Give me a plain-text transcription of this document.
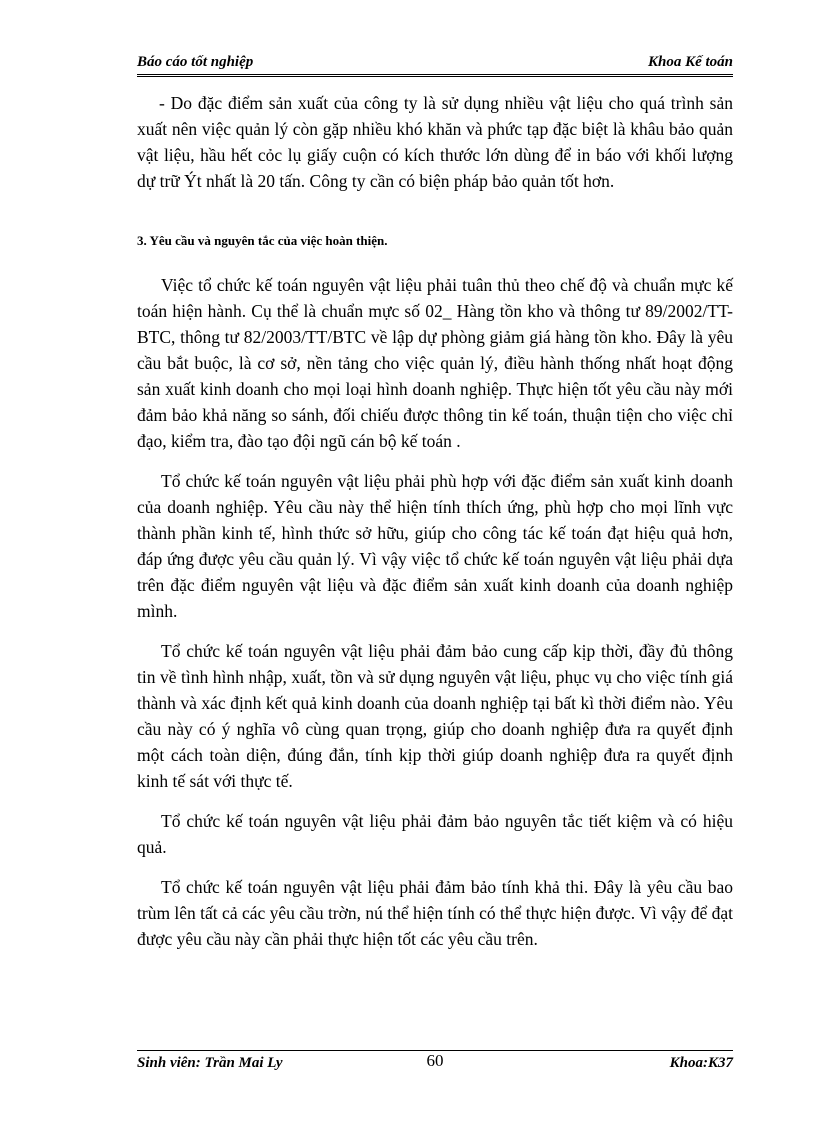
Báo cáo tốt nghiệp	Khoa Kế toán

- Do đặc điểm sản xuất của công ty là sử dụng nhiều vật liệu cho quá trình sản xuất nên việc quản lý còn gặp nhiều khó khăn và phức tạp đặc biệt là khâu bảo quản vật liệu, hầu hết cỏc lụ giấy cuộn có kích thước lớn dùng để in báo với khối lượng dự trữ Ýt nhất là 20 tấn. Công ty cần có biện pháp bảo quản tốt hơn.

3. Yêu cầu và nguyên tắc của việc hoàn thiện.

Việc tổ chức kế toán nguyên vật liệu phải tuân thủ theo chế độ và chuẩn mực kế toán hiện hành. Cụ thể là chuẩn mực số 02_ Hàng tồn kho và thông tư 89/2002/TT-BTC, thông tư 82/2003/TT/BTC về lập dự phòng giảm giá hàng tồn kho. Đây là yêu cầu bắt buộc, là cơ sở, nền tảng cho việc quản lý, điều hành thống nhất hoạt động sản xuất kinh doanh cho mọi loại hình doanh nghiệp. Thực hiện tốt yêu cầu này mới đảm bảo khả năng so sánh, đối chiếu được thông tin kế toán, thuận tiện cho việc chỉ đạo, kiểm tra, đào tạo đội ngũ cán bộ kế toán .

Tổ chức kế toán nguyên vật liệu phải phù hợp với đặc điểm sản xuất kinh doanh của doanh nghiệp. Yêu cầu này thể hiện tính thích ứng, phù hợp cho mọi lĩnh vực thành phần kinh tế, hình thức sở hữu, giúp cho công tác kế toán đạt hiệu quả hơn, đáp ứng được yêu cầu quản lý. Vì vậy việc tổ chức kế toán nguyên vật liệu phải dựa trên đặc điểm nguyên vật liệu và đặc điểm sản xuất kinh doanh của doanh nghiệp mình.

Tổ chức kế toán nguyên vật liệu phải đảm bảo cung cấp kịp thời, đầy đủ thông tin về tình hình nhập, xuất, tồn và sử dụng nguyên vật liệu, phục vụ cho việc tính giá thành và xác định kết quả kinh doanh của doanh nghiệp tại bất kì thời điểm nào. Yêu cầu này có ý nghĩa vô cùng quan trọng, giúp cho doanh nghiệp đưa ra quyết định một cách toàn diện, đúng đắn, tính kịp thời giúp doanh nghiệp đưa ra quyết định kinh tế sát với thực tế.

Tổ chức kế toán nguyên vật liệu phải đảm bảo nguyên tắc tiết kiệm và có hiệu quả.

Tổ chức kế toán nguyên vật liệu phải đảm bảo tính khả thi. Đây là yêu cầu bao trùm lên tất cả các yêu cầu trờn, nú thể hiện tính có thể thực hiện được. Vì vậy để đạt được yêu cầu này cần phải thực hiện tốt các yêu cầu trên.

Sinh viên: Trần Mai Ly	60	Khoa:K37
